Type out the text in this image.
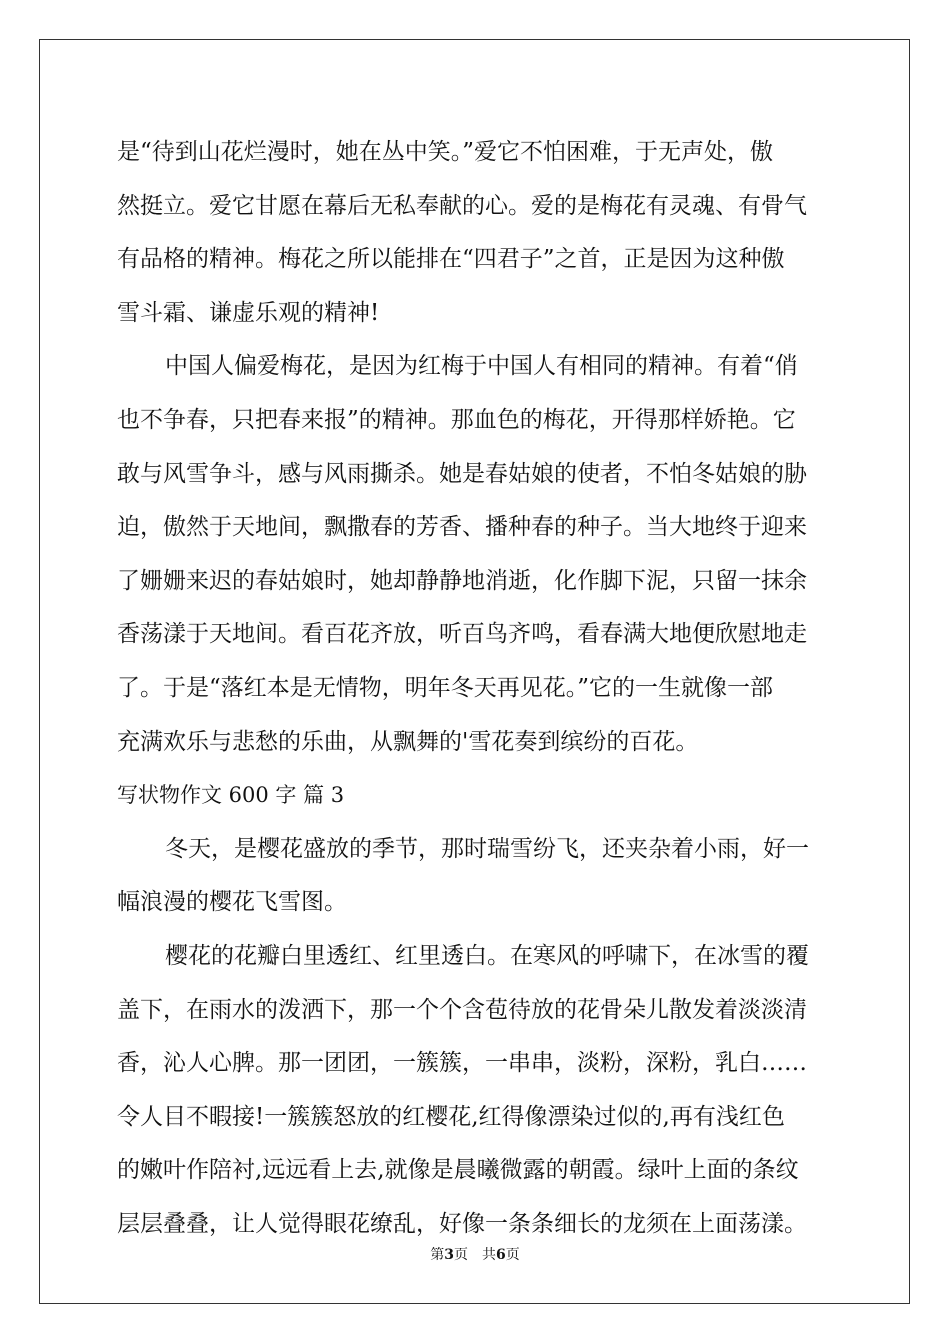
是“待到山花烂漫时，她在丛中笑。”爱它不怕困难，于无声处，傲
然挺立。爱它甘愿在幕后无私奉献的心。爱的是梅花有灵魂、有骨气
有品格的精神。梅花之所以能排在“四君子”之首，正是因为这种傲
雪斗霜、谦虚乐观的精神!
中国人偏爱梅花，是因为红梅于中国人有相同的精神。有着“俏
也不争春，只把春来报”的精神。那血色的梅花，开得那样娇艳。它
敢与风雪争斗，感与风雨撕杀。她是春姑娘的使者，不怕冬姑娘的胁
迫，傲然于天地间，飘撒春的芳香、播种春的种子。当大地终于迎来
了姗姗来迟的春姑娘时，她却静静地消逝，化作脚下泥，只留一抹余
香荡漾于天地间。看百花齐放，听百鸟齐鸣，看春满大地便欣慰地走
了。于是“落红本是无情物，明年冬天再见花。”它的一生就像一部
充满欢乐与悲愁的乐曲，从飘舞的'雪花奏到缤纷的百花。
写状物作文 600 字 篇 3
冬天，是樱花盛放的季节，那时瑞雪纷飞，还夹杂着小雨，好一
幅浪漫的樱花飞雪图。
樱花的花瓣白里透红、红里透白。在寒风的呼啸下，在冰雪的覆
盖下，在雨水的泼洒下，那一个个含苞待放的花骨朵儿散发着淡淡清
香，沁人心脾。那一团团，一簇簇，一串串，淡粉，深粉，乳白……
令人目不暇接!一簇簇怒放的红樱花,红得像漂染过似的,再有浅红色
的嫩叶作陪衬,远远看上去,就像是晨曦微露的朝霞。绿叶上面的条纹
层层叠叠，让人觉得眼花缭乱，好像一条条细长的龙须在上面荡漾。
第3页 共6页
